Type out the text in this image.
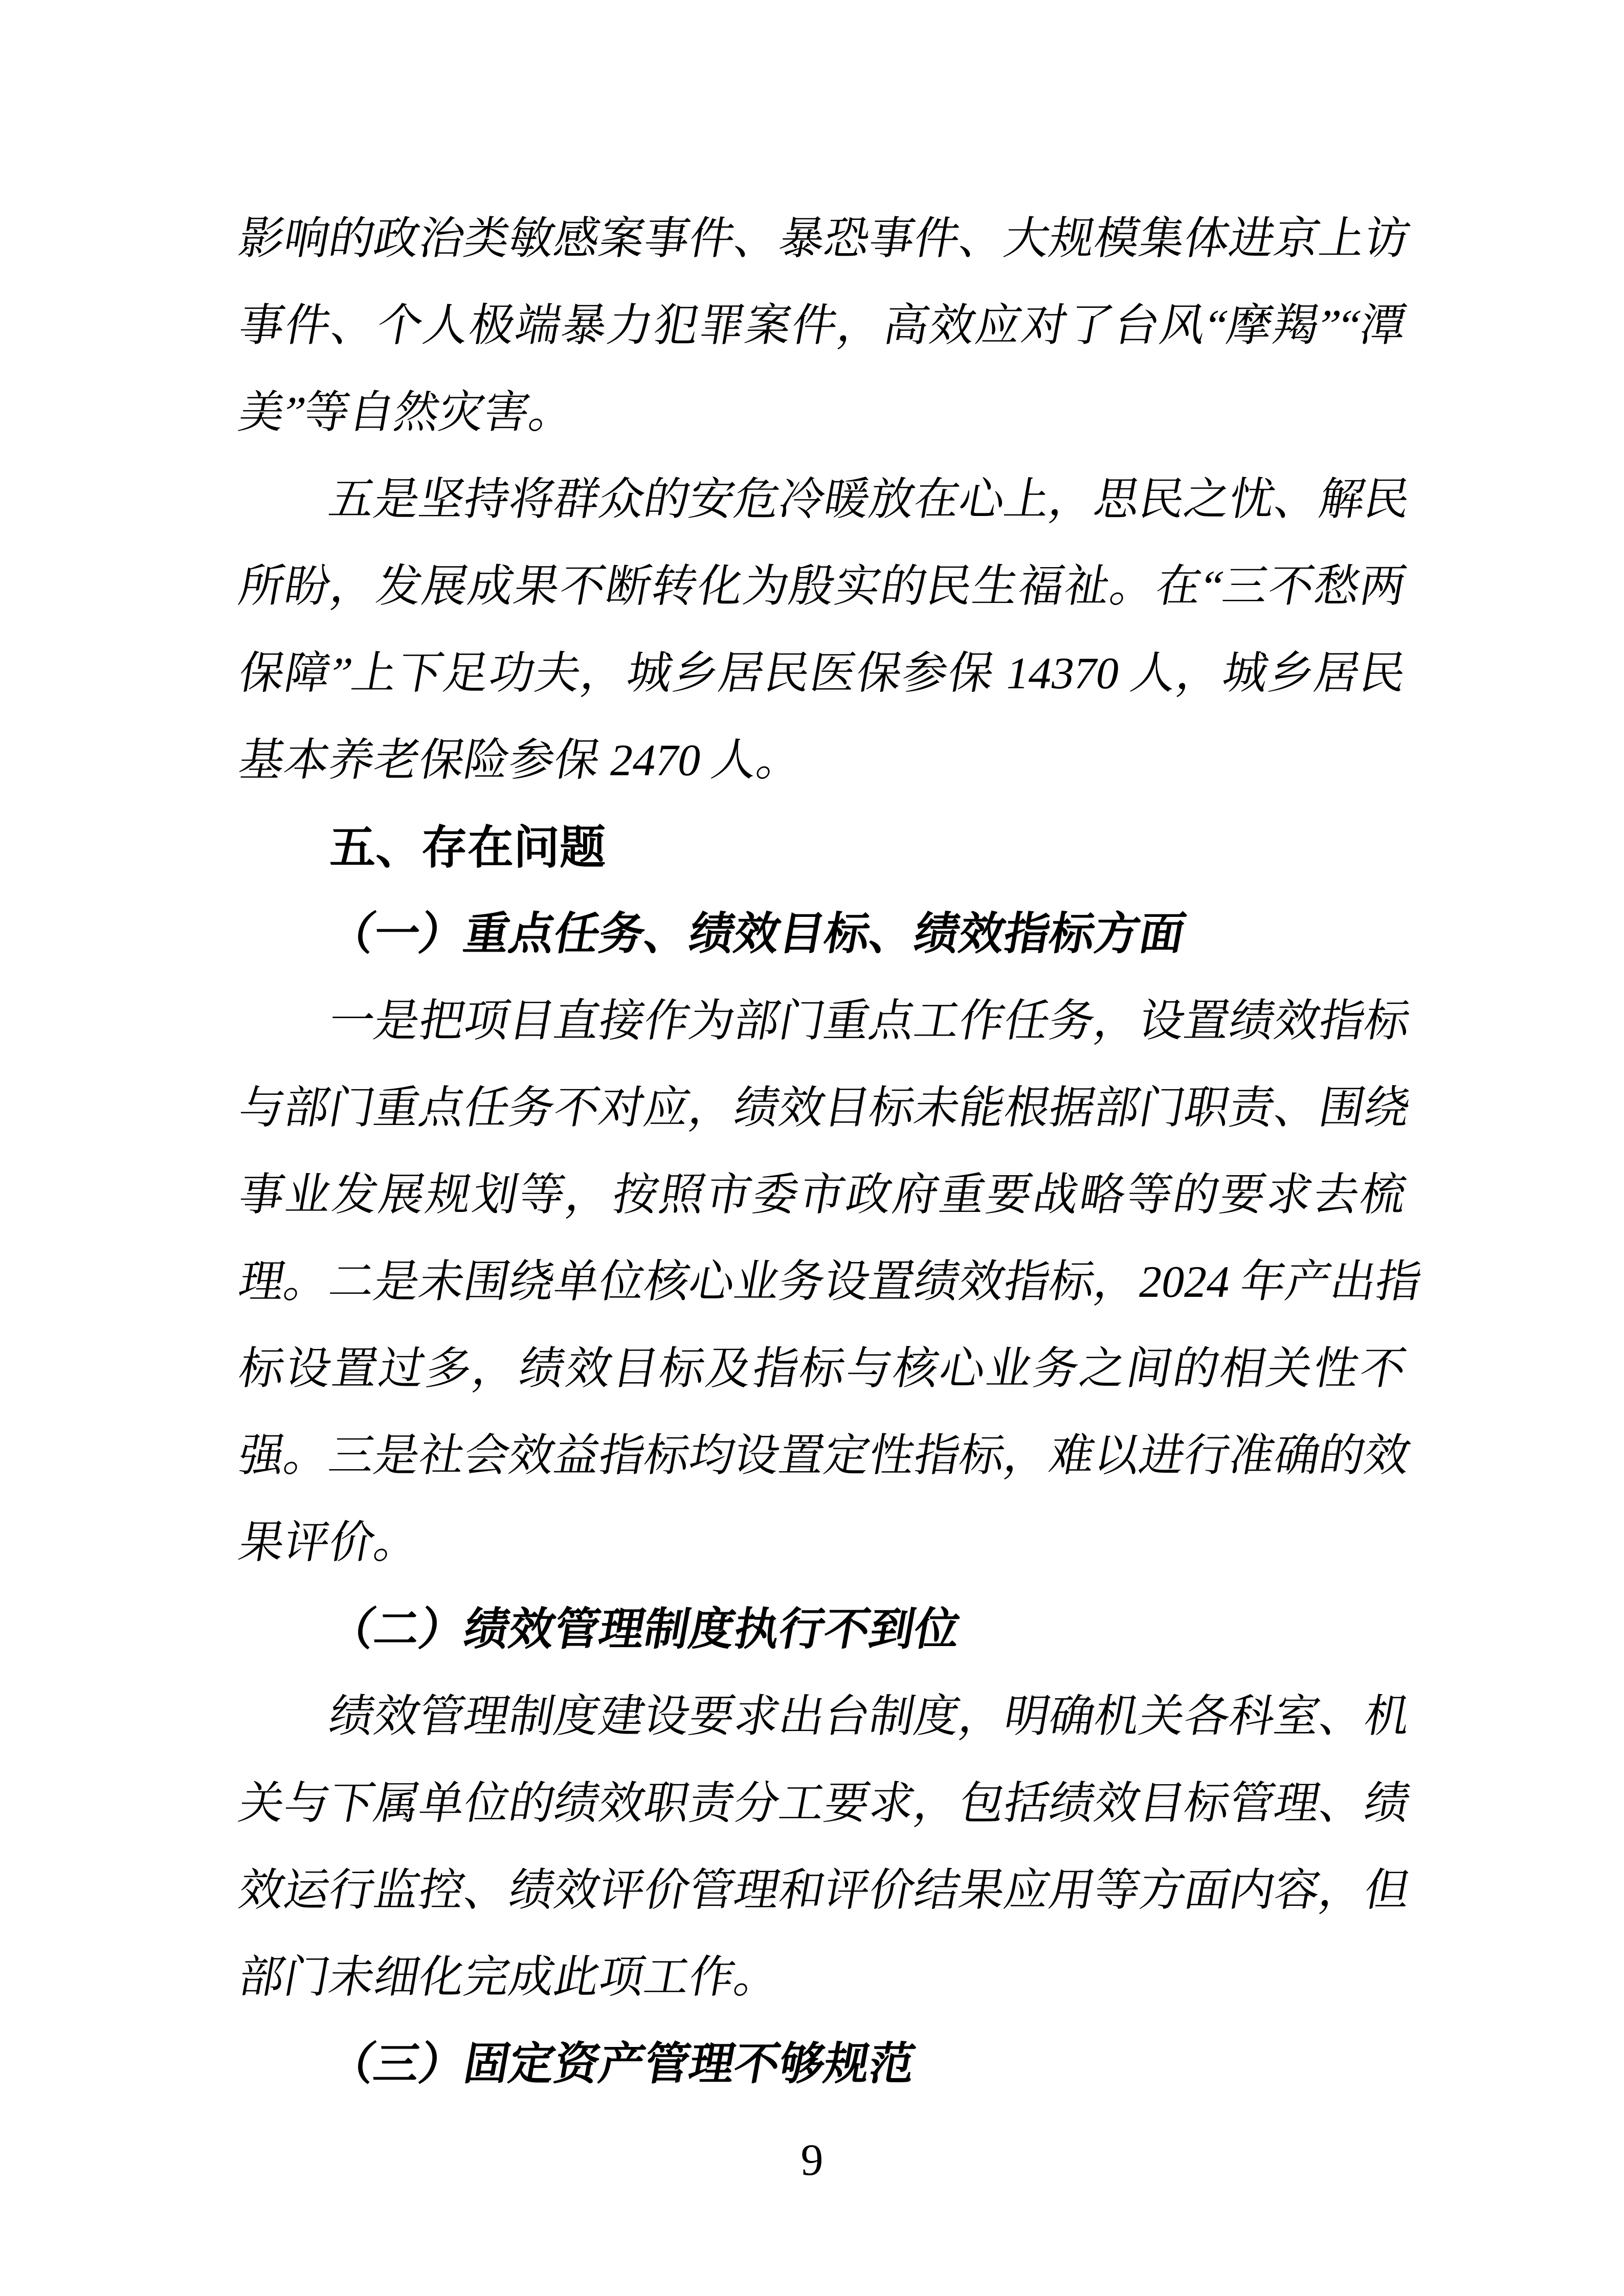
影响的政治类敏感案事件、暴恐事件、大规模集体进京上访
事件、个人极端暴力犯罪案件，高效应对了台风“摩羯”“潭
美”等自然灾害。
五是坚持将群众的安危冷暖放在心上，思民之忧、解民
所盼，发展成果不断转化为殷实的民生福祉。在“三不愁两
保障”上下足功夫，城乡居民医保参保 14370 人，城乡居民
基本养老保险参保 2470 人。
五、存在问题
（一）重点任务、绩效目标、绩效指标方面
一是把项目直接作为部门重点工作任务，设置绩效指标
与部门重点任务不对应，绩效目标未能根据部门职责、围绕
事业发展规划等，按照市委市政府重要战略等的要求去梳
理。二是未围绕单位核心业务设置绩效指标，2024 年产出指
标设置过多，绩效目标及指标与核心业务之间的相关性不
强。三是社会效益指标均设置定性指标，难以进行准确的效
果评价。
（二）绩效管理制度执行不到位
绩效管理制度建设要求出台制度，明确机关各科室、机
关与下属单位的绩效职责分工要求，包括绩效目标管理、绩
效运行监控、绩效评价管理和评价结果应用等方面内容，但
部门未细化完成此项工作。
（三）固定资产管理不够规范
9
